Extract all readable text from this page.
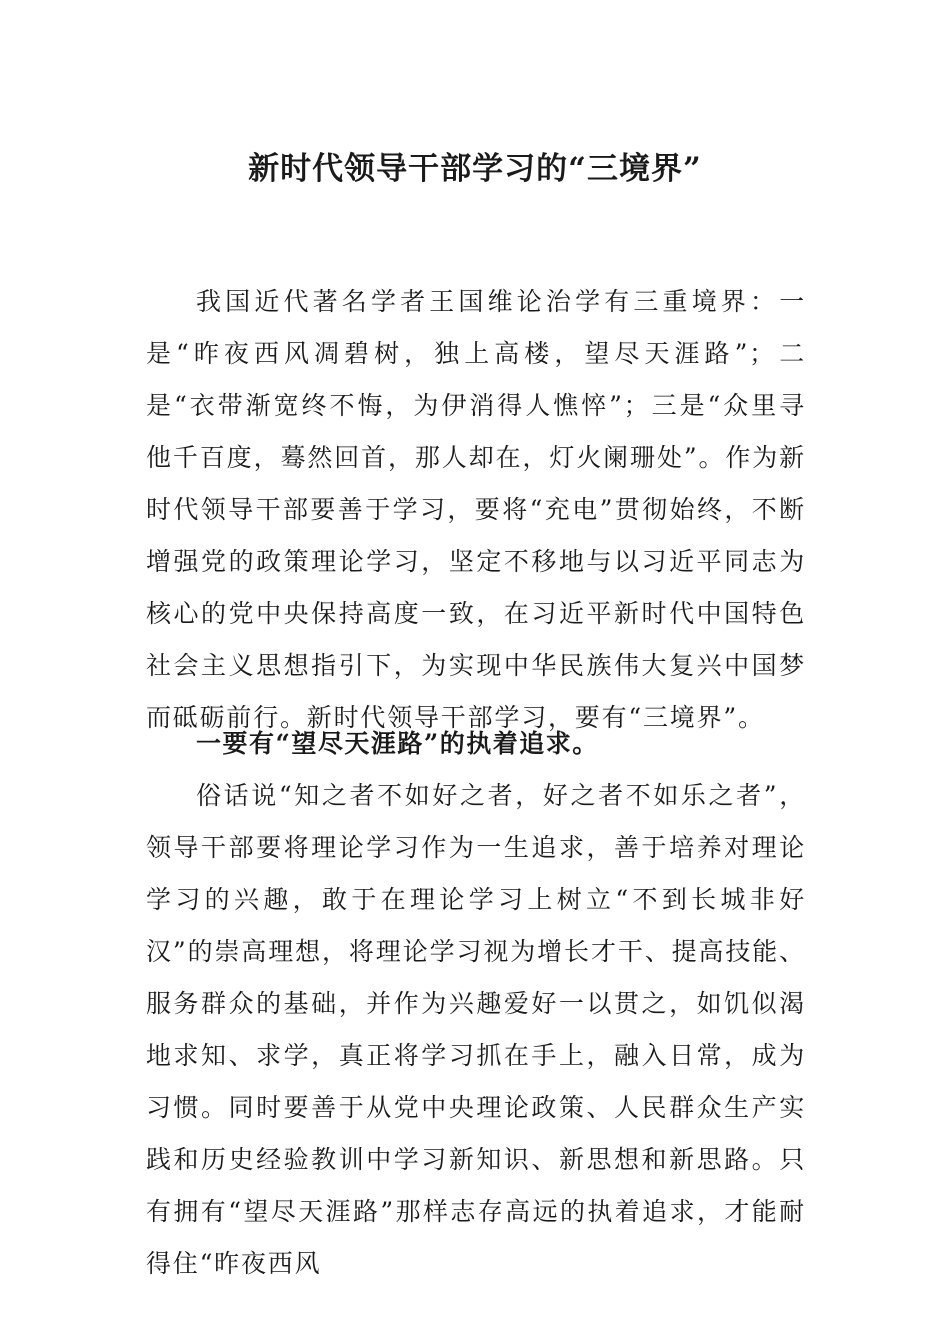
新时代领导干部学习的“三境界”

我国近代著名学者王国维论治学有三重境界：一是“昨夜西风凋碧树，独上高楼，望尽天涯路”；二是“衣带渐宽终不悔，为伊消得人憔悴”；三是“众里寻他千百度，蓦然回首，那人却在，灯火阑珊处”。作为新时代领导干部要善于学习，要将“充电”贯彻始终，不断增强党的政策理论学习，坚定不移地与以习近平同志为核心的党中央保持高度一致，在习近平新时代中国特色社会主义思想指引下，为实现中华民族伟大复兴中国梦而砥砺前行。新时代领导干部学习，要有“三境界”。

一要有“望尽天涯路”的执着追求。

俗话说“知之者不如好之者，好之者不如乐之者”，领导干部要将理论学习作为一生追求，善于培养对理论学习的兴趣，敢于在理论学习上树立“不到长城非好汉”的崇高理想，将理论学习视为增长才干、提高技能、服务群众的基础，并作为兴趣爱好一以贯之，如饥似渴地求知、求学，真正将学习抓在手上，融入日常，成为习惯。同时要善于从党中央理论政策、人民群众生产实践和历史经验教训中学习新知识、新思想和新思路。只有拥有“望尽天涯路”那样志存高远的执着追求，才能耐得住“昨夜西风
